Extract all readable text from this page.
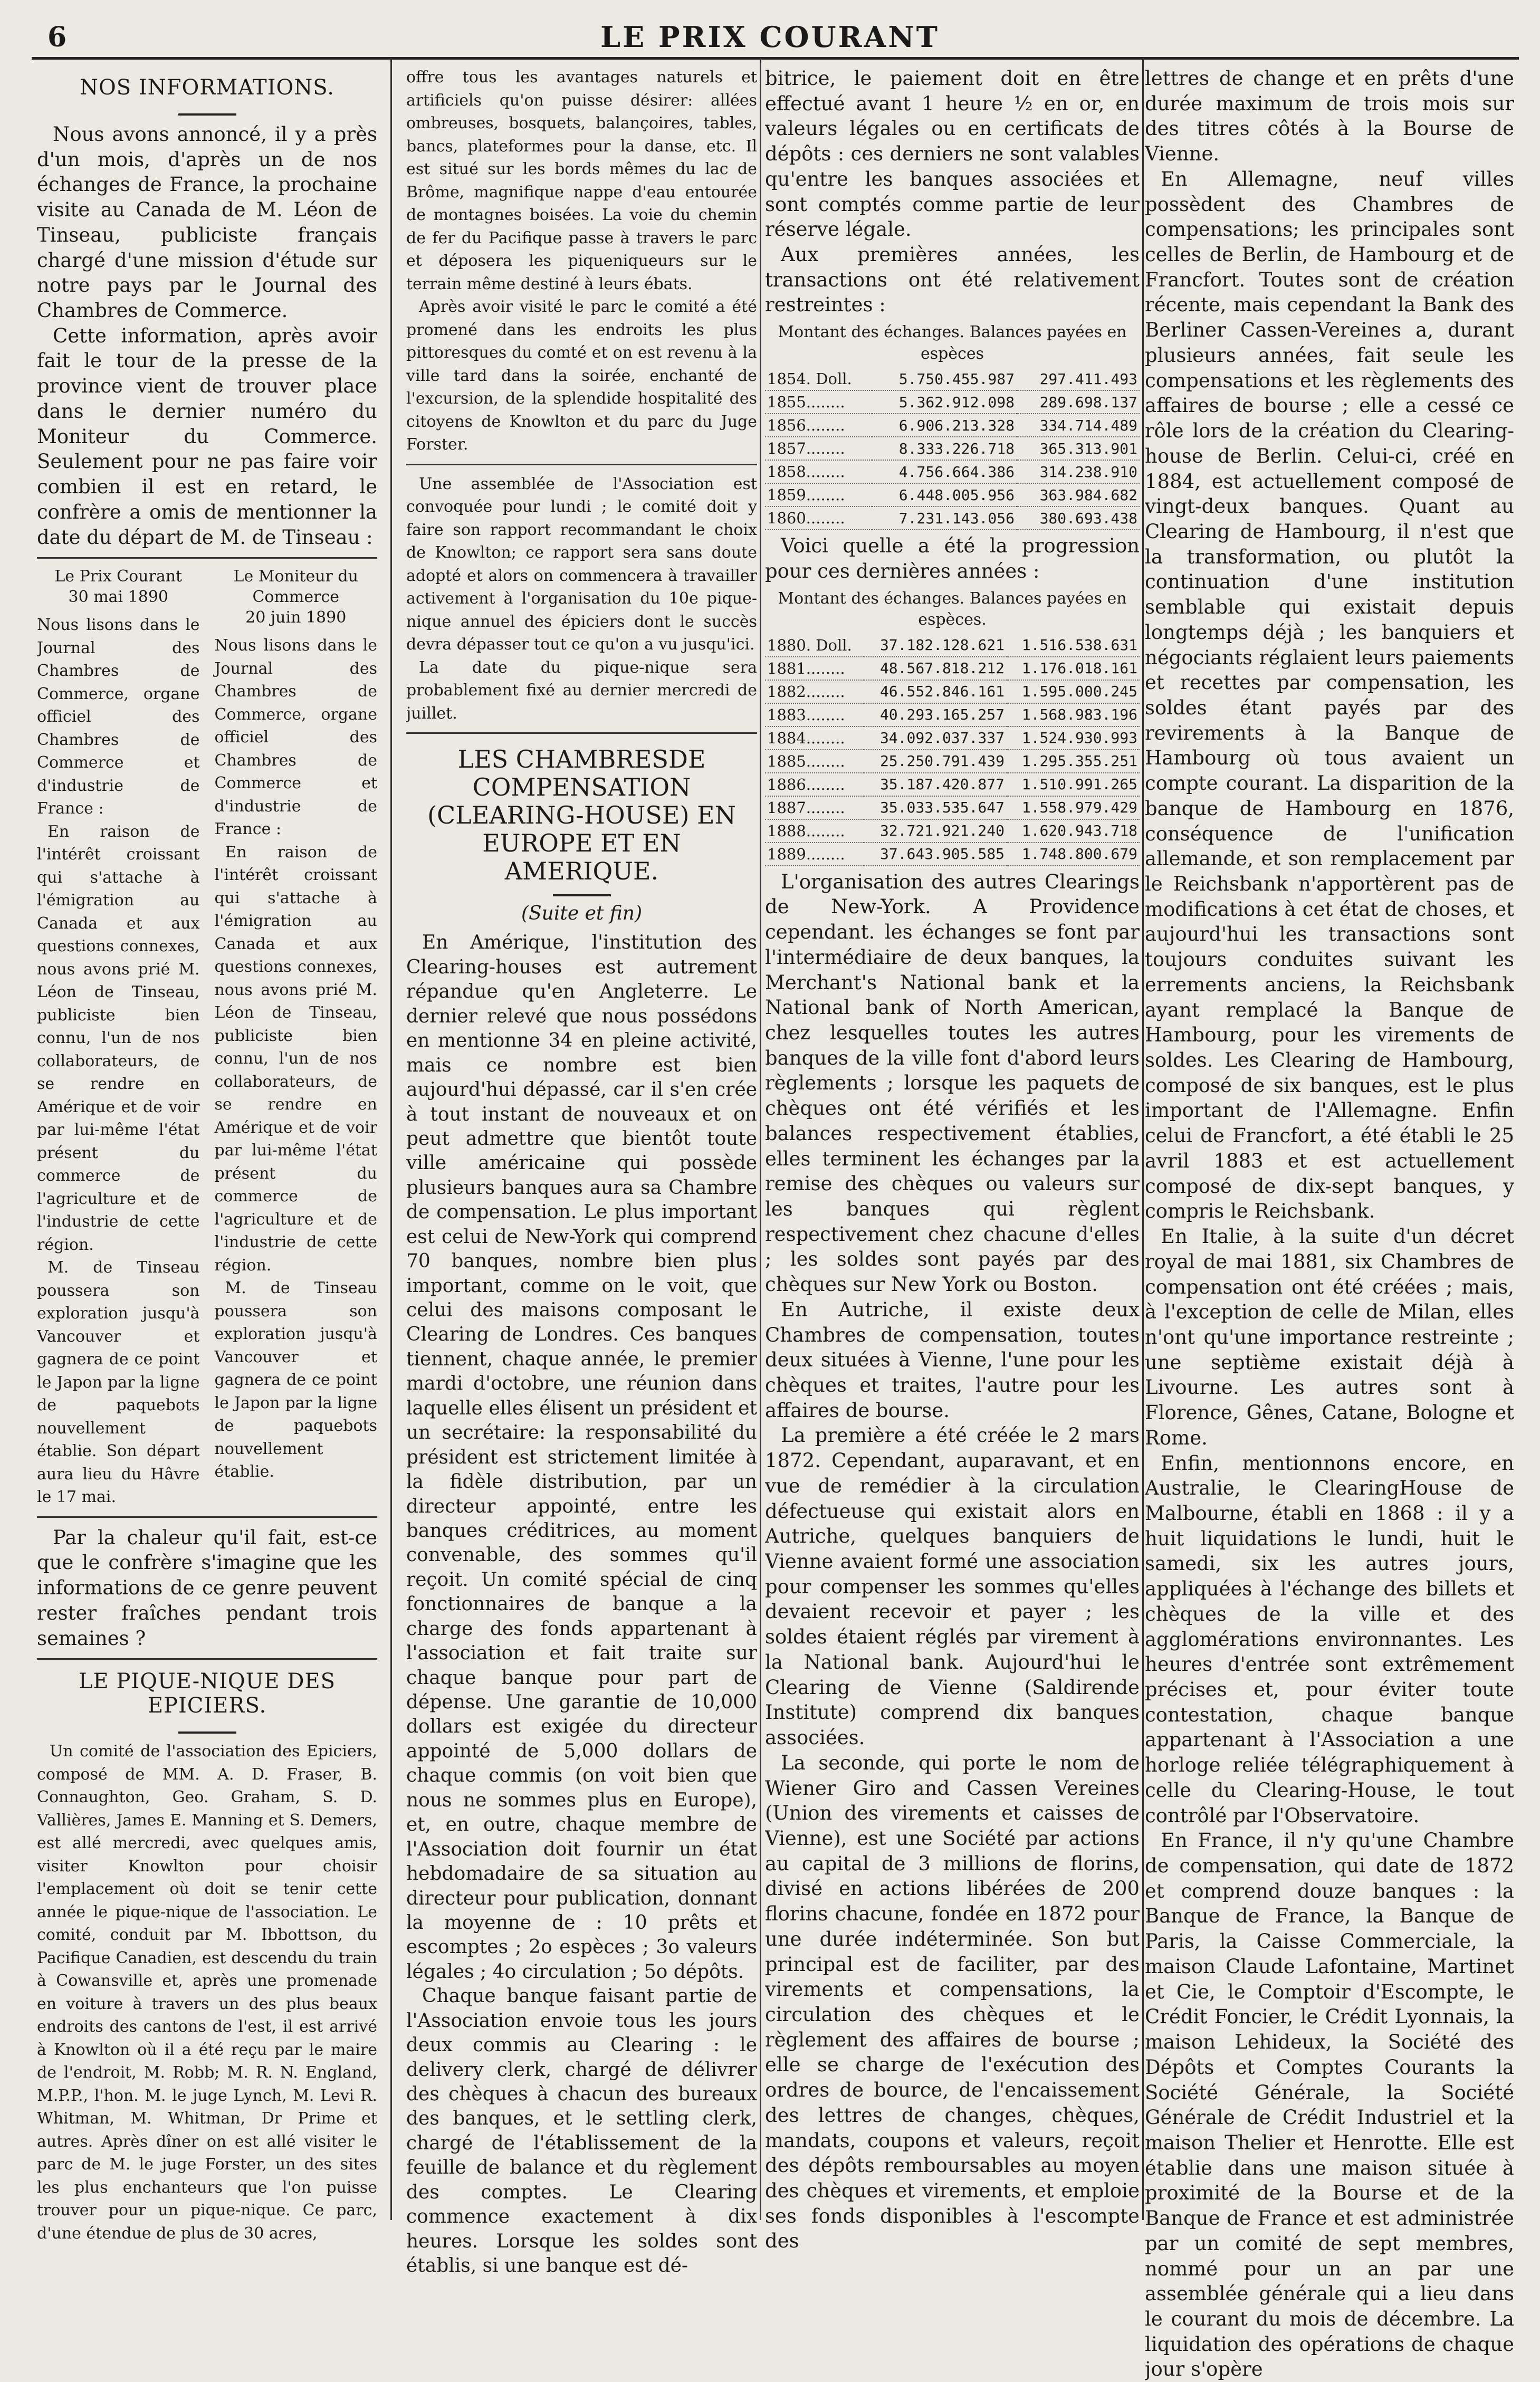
6	LE PRIX COURANT
NOS INFORMATIONS.

Nous avons annoncé, il y a près d'un mois, d'après un de nos échanges de France, la prochaine visite au Canada de M. Léon de Tinseau, publiciste français chargé d'une mission d'étude sur notre pays par le Journal des Chambres de Commerce.

Cette information, après avoir fait le tour de la presse de la province vient de trouver place dans le dernier numéro du Moniteur du Commerce. Seulement pour ne pas faire voir combien il est en retard, le confrère a omis de mentionner la date du départ de M. de Tinseau :

Le Prix Courant
30 mai 1890

Nous lisons dans le Journal des Chambres de Commerce, organe officiel des Chambres de Commerce et d'industrie de France :

En raison de l'intérêt croissant qui s'attache à l'émigration au Canada et aux questions connexes, nous avons prié M. Léon de Tinseau, publiciste bien connu, l'un de nos collaborateurs, de se rendre en Amérique et de voir par lui-même l'état présent du commerce de l'agriculture et de l'industrie de cette région.

M. de Tinseau poussera son exploration jusqu'à Vancouver et gagnera de ce point le Japon par la ligne de paquebots nouvellement établie. Son départ aura lieu du Hâvre le 17 mai.

Le Moniteur du Commerce
20 juin 1890

Nous lisons dans le Journal des Chambres de Commerce, organe officiel des Chambres de Commerce et d'industrie de France :

En raison de l'intérêt croissant qui s'attache à l'émigration au Canada et aux questions connexes, nous avons prié M. Léon de Tinseau, publiciste bien connu, l'un de nos collaborateurs, de se rendre en Amérique et de voir par lui-même l'état présent du commerce de l'agriculture et de l'industrie de cette région.

M. de Tinseau poussera son exploration jusqu'à Vancouver et gagnera de ce point le Japon par la ligne de paquebots nouvellement établie.

Par la chaleur qu'il fait, est-ce que le confrère s'imagine que les informations de ce genre peuvent rester fraîches pendant trois semaines ?

LE PIQUE-NIQUE DES EPICIERS.

Un comité de l'association des Epiciers, composé de MM. A. D. Fraser, B. Connaughton, Geo. Graham, S. D. Vallières, James E. Manning et S. Demers, est allé mercredi, avec quelques amis, visiter Knowlton pour choisir l'emplacement où doit se tenir cette année le pique-nique de l'association. Le comité, conduit par M. Ibbottson, du Pacifique Canadien, est descendu du train à Cowansville et, après une promenade en voiture à travers un des plus beaux endroits des cantons de l'est, il est arrivé à Knowlton où il a été reçu par le maire de l'endroit, M. Robb; M. R. N. England, M.P.P., l'hon. M. le juge Lynch, M. Levi R. Whitman, M. Whitman, Dr Prime et autres. Après dîner on est allé visiter le parc de M. le juge Forster, un des sites les plus enchanteurs que l'on puisse trouver pour un pique-nique. Ce parc, d'une étendue de plus de 30 acres,

offre tous les avantages naturels et artificiels qu'on puisse désirer: allées ombreuses, bosquets, balançoires, tables, bancs, plateformes pour la danse, etc. Il est situé sur les bords mêmes du lac de Brôme, magnifique nappe d'eau entourée de montagnes boisées. La voie du chemin de fer du Pacifique passe à travers le parc et déposera les piqueniqueurs sur le terrain même destiné à leurs ébats.

Après avoir visité le parc le comité a été promené dans les endroits les plus pittoresques du comté et on est revenu à la ville tard dans la soirée, enchanté de l'excursion, de la splendide hospitalité des citoyens de Knowlton et du parc du Juge Forster.

Une assemblée de l'Association est convoquée pour lundi ; le comité doit y faire son rapport recommandant le choix de Knowlton; ce rapport sera sans doute adopté et alors on commencera à travailler activement à l'organisation du 10e pique-nique annuel des épiciers dont le succès devra dépasser tout ce qu'on a vu jusqu'ici.

La date du pique-nique sera probablement fixé au dernier mercredi de juillet.

LES CHAMBRESDE COMPENSATION (CLEARING-HOUSE) EN EUROPE ET EN AMERIQUE.
(Suite et fin)

En Amérique, l'institution des Clearing-houses est autrement répandue qu'en Angleterre. Le dernier relevé que nous possédons en mentionne 34 en pleine activité, mais ce nombre est bien aujourd'hui dépassé, car il s'en crée à tout instant de nouveaux et on peut admettre que bientôt toute ville américaine qui possède plusieurs banques aura sa Chambre de compensation. Le plus important est celui de New-York qui comprend 70 banques, nombre bien plus important, comme on le voit, que celui des maisons composant le Clearing de Londres. Ces banques tiennent, chaque année, le premier mardi d'octobre, une réunion dans laquelle elles élisent un président et un secrétaire: la responsabilité du président est strictement limitée à la fidèle distribution, par un directeur appointé, entre les banques créditrices, au moment convenable, des sommes qu'il reçoit. Un comité spécial de cinq fonctionnaires de banque a la charge des fonds appartenant à l'association et fait traite sur chaque banque pour part de dépense. Une garantie de 10,000 dollars est exigée du directeur appointé de 5,000 dollars de chaque commis (on voit bien que nous ne sommes plus en Europe), et, en outre, chaque membre de l'Association doit fournir un état hebdomadaire de sa situation au directeur pour publication, donnant la moyenne de : 10 prêts et escomptes ; 2o espèces ; 3o valeurs légales ; 4o circulation ; 5o dépôts.

Chaque banque faisant partie de l'Association envoie tous les jours deux commis au Clearing : le delivery clerk, chargé de délivrer des chèques à chacun des bureaux des banques, et le settling clerk, chargé de l'établissement de la feuille de balance et du règlement des comptes. Le Clearing commence exactement à dix heures. Lorsque les soldes sont établis, si une banque est dé-

bitrice, le paiement doit en être effectué avant 1 heure ½ en or, en valeurs légales ou en certificats de dépôts : ces derniers ne sont valables qu'entre les banques associées et sont comptés comme partie de leur réserve légale.

Aux premières années, les transactions ont été relativement restreintes :

Montant des échanges. Balances payées en espèces
1854. Doll.	5.750.455.987	297.411.493
1855........	5.362.912.098	289.698.137
1856........	6.906.213.328	334.714.489
1857........	8.333.226.718	365.313.901
1858........	4.756.664.386	314.238.910
1859........	6.448.005.956	363.984.682
1860........	7.231.143.056	380.693.438

Voici quelle a été la progression pour ces dernières années :

Montant des échanges. Balances payées en espèces.
1880. Doll.	37.182.128.621	1.516.538.631
1881........	48.567.818.212	1.176.018.161
1882........	46.552.846.161	1.595.000.245
1883........	40.293.165.257	1.568.983.196
1884........	34.092.037.337	1.524.930.993
1885........	25.250.791.439	1.295.355.251
1886........	35.187.420.877	1.510.991.265
1887........	35.033.535.647	1.558.979.429
1888........	32.721.921.240	1.620.943.718
1889........	37.643.905.585	1.748.800.679

L'organisation des autres Clearings de New-York. A Providence cependant. les échanges se font par l'intermédiaire de deux banques, la Merchant's National bank et la National bank of North American, chez lesquelles toutes les autres banques de la ville font d'abord leurs règlements ; lorsque les paquets de chèques ont été vérifiés et les balances respectivement établies, elles terminent les échanges par la remise des chèques ou valeurs sur les banques qui règlent respectivement chez chacune d'elles ; les soldes sont payés par des chèques sur New York ou Boston.

En Autriche, il existe deux Chambres de compensation, toutes deux situées à Vienne, l'une pour les chèques et traites, l'autre pour les affaires de bourse.

La première a été créée le 2 mars 1872. Cependant, auparavant, et en vue de remédier à la circulation défectueuse qui existait alors en Autriche, quelques banquiers de Vienne avaient formé une association pour compenser les sommes qu'elles devaient recevoir et payer ; les soldes étaient réglés par virement à la National bank. Aujourd'hui le Clearing de Vienne (Saldirende Institute) comprend dix banques associées.

La seconde, qui porte le nom de Wiener Giro and Cassen Vereines (Union des virements et caisses de Vienne), est une Société par actions au capital de 3 millions de florins, divisé en actions libérées de 200 florins chacune, fondée en 1872 pour une durée indéterminée. Son but principal est de faciliter, par des virements et compensations, la circulation des chèques et le règlement des affaires de bourse ; elle se charge de l'exécution des ordres de bource, de l'encaissement des lettres de changes, chèques, mandats, coupons et valeurs, reçoit des dépôts remboursables au moyen des chèques et virements, et emploie ses fonds disponibles à l'escompte des

lettres de change et en prêts d'une durée maximum de trois mois sur des titres côtés à la Bourse de Vienne.

En Allemagne, neuf villes possèdent des Chambres de compensations; les principales sont celles de Berlin, de Hambourg et de Francfort. Toutes sont de création récente, mais cependant la Bank des Berliner Cassen-Vereines a, durant plusieurs années, fait seule les compensations et les règlements des affaires de bourse ; elle a cessé ce rôle lors de la création du Clearing-house de Berlin. Celui-ci, créé en 1884, est actuellement composé de vingt-deux banques. Quant au Clearing de Hambourg, il n'est que la transformation, ou plutôt la continuation d'une institution semblable qui existait depuis longtemps déjà ; les banquiers et négociants réglaient leurs paiements et recettes par compensation, les soldes étant payés par des revirements à la Banque de Hambourg où tous avaient un compte courant. La disparition de la banque de Hambourg en 1876, conséquence de l'unification allemande, et son remplacement par le Reichsbank n'apportèrent pas de modifications à cet état de choses, et aujourd'hui les transactions sont toujours conduites suivant les errements anciens, la Reichsbank ayant remplacé la Banque de Hambourg, pour les virements de soldes. Les Clearing de Hambourg, composé de six banques, est le plus important de l'Allemagne. Enfin celui de Francfort, a été établi le 25 avril 1883 et est actuellement composé de dix-sept banques, y compris le Reichsbank.

En Italie, à la suite d'un décret royal de mai 1881, six Chambres de compensation ont été créées ; mais, à l'exception de celle de Milan, elles n'ont qu'une importance restreinte ; une septième existait déjà à Livourne. Les autres sont à Florence, Gênes, Catane, Bologne et Rome.

Enfin, mentionnons encore, en Australie, le ClearingHouse de Malbourne, établi en 1868 : il y a huit liquidations le lundi, huit le samedi, six les autres jours, appliquées à l'échange des billets et chèques de la ville et des agglomérations environnantes. Les heures d'entrée sont extrêmement précises et, pour éviter toute contestation, chaque banque appartenant à l'Association a une horloge reliée télégraphiquement à celle du Clearing-House, le tout contrôlé par l'Observatoire.

En France, il n'y qu'une Chambre de compensation, qui date de 1872 et comprend douze banques : la Banque de France, la Banque de Paris, la Caisse Commerciale, la maison Claude Lafontaine, Martinet et Cie, le Comptoir d'Escompte, le Crédit Foncier, le Crédit Lyonnais, la maison Lehideux, la Société des Dépôts et Comptes Courants la Société Générale, la Société Générale de Crédit Industriel et la maison Thelier et Henrotte. Elle est établie dans une maison située à proximité de la Bourse et de la Banque de France et est administrée par un comité de sept membres, nommé pour un an par une assemblée générale qui a lieu dans le courant du mois de décembre. La liquidation des opérations de chaque jour s'opère
